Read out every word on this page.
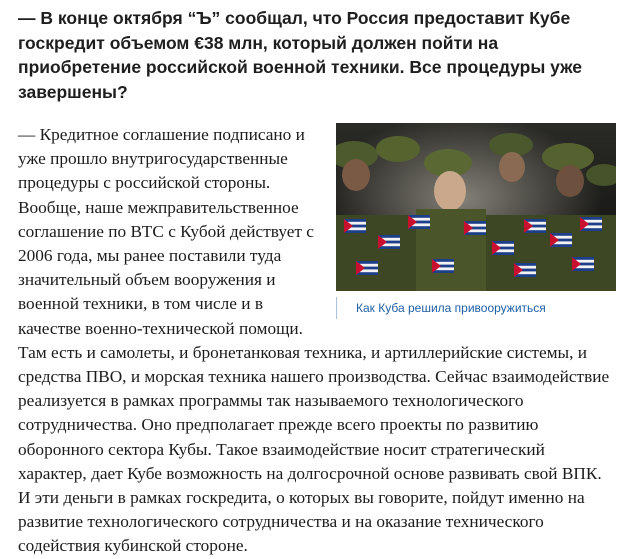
— В конце октября “Ъ” сообщал, что Россия предоставит Кубе госкредит объемом €38 млн, который должен пойти на приобретение российской военной техники. Все процедуры уже завершены?

Как Куба решила привооружиться
— Кредитное соглашение подписано и уже прошло внутригосударственные процедуры с российской стороны. Вообще, наше межправительственное соглашение по ВТС с Кубой действует с 2006 года, мы ранее поставили туда значительный объем вооружения и военной техники, в том числе и в качестве военно-технической помощи. Там есть и самолеты, и бронетанковая техника, и артиллерийские системы, и средства ПВО, и морская техника нашего производства. Сейчас взаимодействие реализуется в рамках программы так называемого технологического сотрудничества. Оно предполагает прежде всего проекты по развитию оборонного сектора Кубы. Такое взаимодействие носит стратегический характер, дает Кубе возможность на долгосрочной основе развивать свой ВПК. И эти деньги в рамках госкредита, о которых вы говорите, пойдут именно на развитие технологического сотрудничества и на оказание технического содействия кубинской стороне.
